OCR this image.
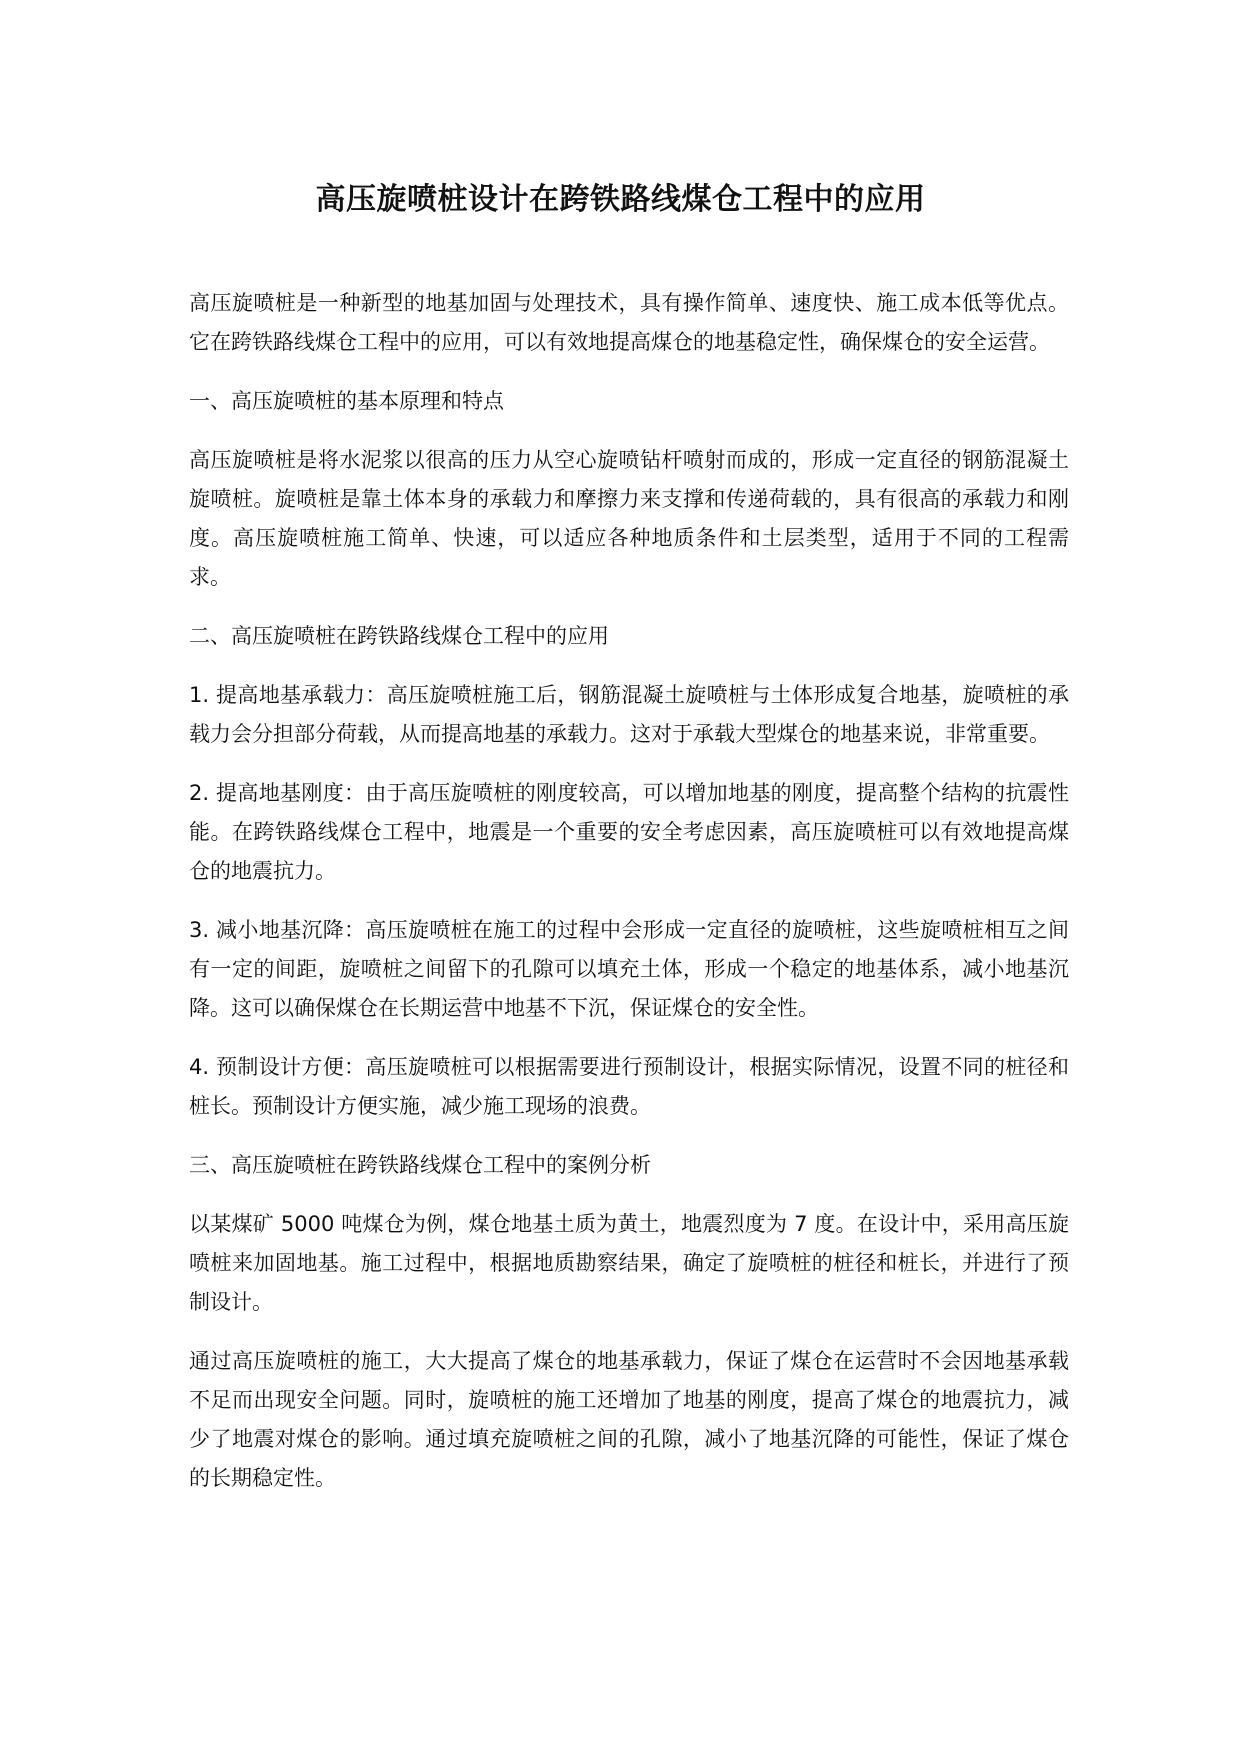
高压旋喷桩设计在跨铁路线煤仓工程中的应用

高压旋喷桩是一种新型的地基加固与处理技术，具有操作简单、速度快、施工成本低等优点。它在跨铁路线煤仓工程中的应用，可以有效地提高煤仓的地基稳定性，确保煤仓的安全运营。

一、高压旋喷桩的基本原理和特点

高压旋喷桩是将水泥浆以很高的压力从空心旋喷钻杆喷射而成的，形成一定直径的钢筋混凝土旋喷桩。旋喷桩是靠土体本身的承载力和摩擦力来支撑和传递荷载的，具有很高的承载力和刚度。高压旋喷桩施工简单、快速，可以适应各种地质条件和土层类型，适用于不同的工程需求。

二、高压旋喷桩在跨铁路线煤仓工程中的应用

1. 提高地基承载力：高压旋喷桩施工后，钢筋混凝土旋喷桩与土体形成复合地基，旋喷桩的承载力会分担部分荷载，从而提高地基的承载力。这对于承载大型煤仓的地基来说，非常重要。

2. 提高地基刚度：由于高压旋喷桩的刚度较高，可以增加地基的刚度，提高整个结构的抗震性能。在跨铁路线煤仓工程中，地震是一个重要的安全考虑因素，高压旋喷桩可以有效地提高煤仓的地震抗力。

3. 减小地基沉降：高压旋喷桩在施工的过程中会形成一定直径的旋喷桩，这些旋喷桩相互之间有一定的间距，旋喷桩之间留下的孔隙可以填充土体，形成一个稳定的地基体系，减小地基沉降。这可以确保煤仓在长期运营中地基不下沉，保证煤仓的安全性。

4. 预制设计方便：高压旋喷桩可以根据需要进行预制设计，根据实际情况，设置不同的桩径和桩长。预制设计方便实施，减少施工现场的浪费。

三、高压旋喷桩在跨铁路线煤仓工程中的案例分析

以某煤矿 5000 吨煤仓为例，煤仓地基土质为黄土，地震烈度为 7 度。在设计中，采用高压旋喷桩来加固地基。施工过程中，根据地质勘察结果，确定了旋喷桩的桩径和桩长，并进行了预制设计。

通过高压旋喷桩的施工，大大提高了煤仓的地基承载力，保证了煤仓在运营时不会因地基承载不足而出现安全问题。同时，旋喷桩的施工还增加了地基的刚度，提高了煤仓的地震抗力，减少了地震对煤仓的影响。通过填充旋喷桩之间的孔隙，减小了地基沉降的可能性，保证了煤仓的长期稳定性。
